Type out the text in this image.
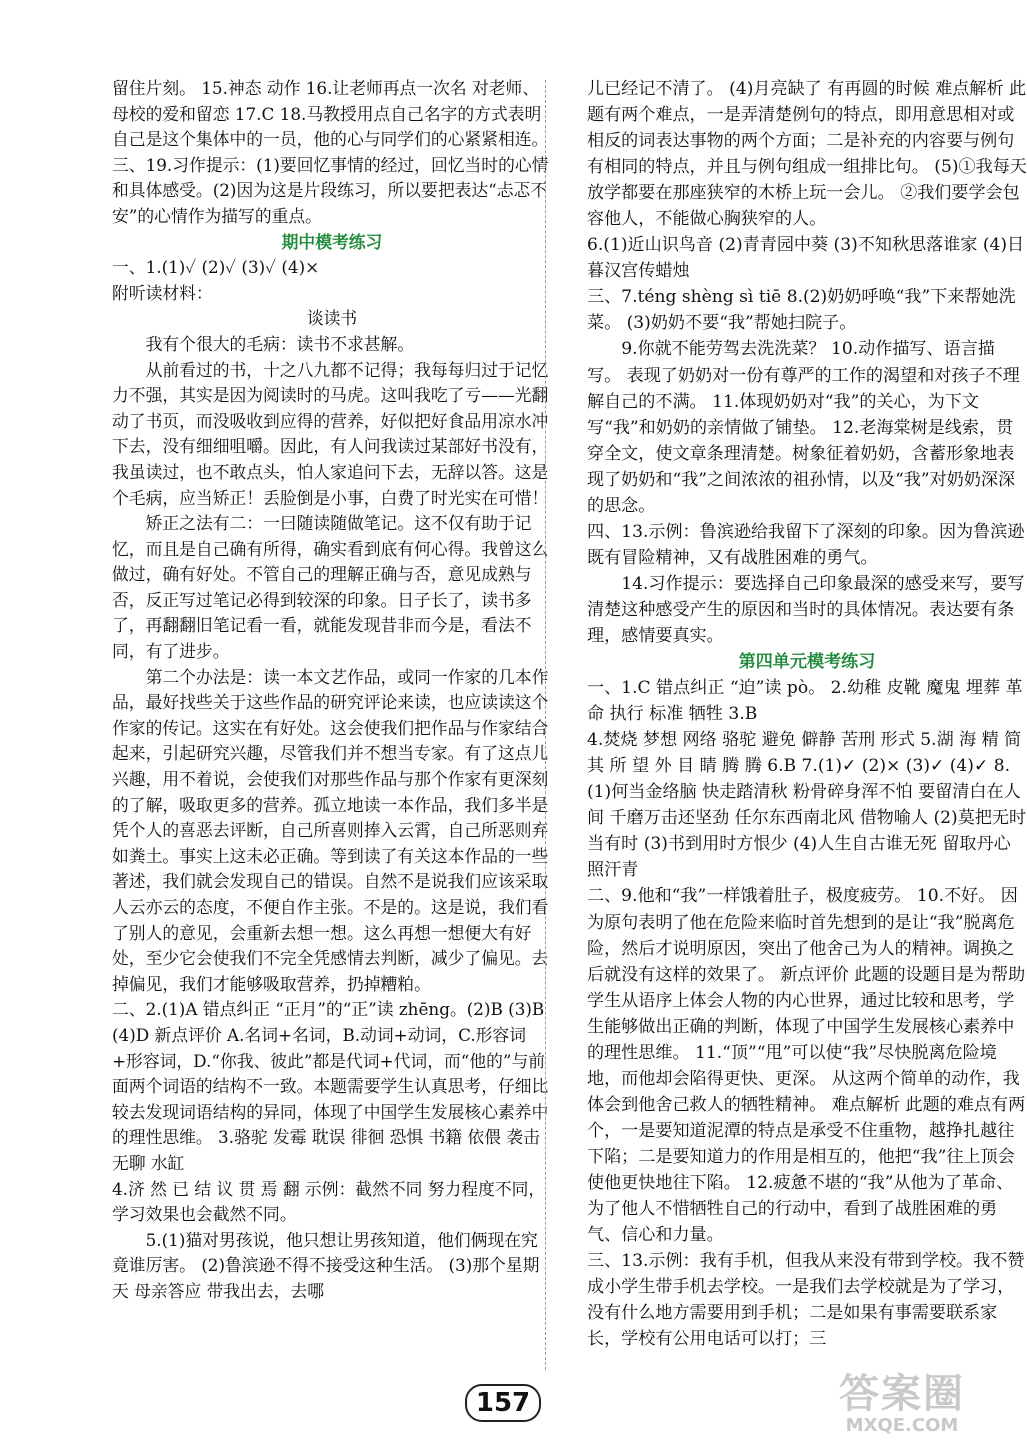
留住片刻。 15.神态 动作 16.让老师再点一次名 对老师、母校的爱和留恋 17.C 18.马教授用点自己名字的方式表明自己是这个集体中的一员，他的心与同学们的心紧紧相连。

三、19.习作提示：(1)要回忆事情的经过，回忆当时的心情和具体感受。(2)因为这是片段练习，所以要把表达“忐忑不安”的心情作为描写的重点。

期中模考练习

一、1.(1)✓ (2)✓ (3)✓ (4)×

附听读材料：

谈读书

我有个很大的毛病：读书不求甚解。

从前看过的书，十之八九都不记得；我每每归过于记忆力不强，其实是因为阅读时的马虎。这叫我吃了亏——光翻动了书页，而没吸收到应得的营养，好似把好食品用凉水冲下去，没有细细咀嚼。因此，有人问我读过某部好书没有，我虽读过，也不敢点头，怕人家追问下去，无辞以答。这是个毛病，应当矫正！丢脸倒是小事，白费了时光实在可惜！

矫正之法有二：一曰随读随做笔记。这不仅有助于记忆，而且是自己确有所得，确实看到底有何心得。我曾这么做过，确有好处。不管自己的理解正确与否，意见成熟与否，反正写过笔记必得到较深的印象。日子长了，读书多了，再翻翻旧笔记看一看，就能发现昔非而今是，看法不同，有了进步。

第二个办法是：读一本文艺作品，或同一作家的几本作品，最好找些关于这些作品的研究评论来读，也应读读这个作家的传记。这实在有好处。这会使我们把作品与作家结合起来，引起研究兴趣，尽管我们并不想当专家。有了这点儿兴趣，用不着说，会使我们对那些作品与那个作家有更深刻的了解，吸取更多的营养。孤立地读一本作品，我们多半是凭个人的喜恶去评断，自己所喜则捧入云霄，自己所恶则弃如粪土。事实上这未必正确。等到读了有关这本作品的一些著述，我们就会发现自己的错误。自然不是说我们应该采取人云亦云的态度，不便自作主张。不是的。这是说，我们看了别人的意见，会重新去想一想。这么再想一想便大有好处，至少它会使我们不完全凭感情去判断，减少了偏见。去掉偏见，我们才能够吸取营养，扔掉糟粕。

二、2.(1)A 错点纠正 “正月”的“正”读 zhēng。(2)B (3)B (4)D 新点评价 A.名词+名词，B.动词+动词，C.形容词+形容词，D.“你我、彼此”都是代词+代词，而“他的”与前面两个词语的结构不一致。本题需要学生认真思考，仔细比较去发现词语结构的异同，体现了中国学生发展核心素养中的理性思维。 3.骆驼 发霉 耽误 徘徊 恐惧 书籍 依偎 袭击 无聊 水缸

4.济 然 已 结 议 贯 焉 翻 示例：截然不同 努力程度不同，学习效果也会截然不同。

5.(1)猫对男孩说，他只想让男孩知道，他们俩现在究竟谁厉害。 (2)鲁滨逊不得不接受这种生活。 (3)那个星期天 母亲答应 带我出去，去哪

儿已经记不清了。 (4)月亮缺了 有再圆的时候 难点解析 此题有两个难点，一是弄清楚例句的特点，即用意思相对或相反的词表达事物的两个方面；二是补充的内容要与例句有相同的特点，并且与例句组成一组排比句。 (5)①我每天放学都要在那座狭窄的木桥上玩一会儿。 ②我们要学会包容他人，不能做心胸狭窄的人。

6.(1)近山识鸟音 (2)青青园中葵 (3)不知秋思落谁家 (4)日暮汉宫传蜡烛

三、7.téng shèng sì tiē 8.(2)奶奶呼唤“我”下来帮她洗菜。 (3)奶奶不要“我”帮她扫院子。

9.你就不能劳驾去洗洗菜？ 10.动作描写、语言描写。 表现了奶奶对一份有尊严的工作的渴望和对孩子不理解自己的不满。 11.体现奶奶对“我”的关心，为下文写“我”和奶奶的亲情做了铺垫。 12.老海棠树是线索，贯穿全文，使文章条理清楚。树象征着奶奶，含蓄形象地表现了奶奶和“我”之间浓浓的祖孙情，以及“我”对奶奶深深的思念。

四、13.示例：鲁滨逊给我留下了深刻的印象。因为鲁滨逊既有冒险精神，又有战胜困难的勇气。

14.习作提示：要选择自己印象最深的感受来写，要写清楚这种感受产生的原因和当时的具体情况。表达要有条理，感情要真实。

第四单元模考练习

一、1.C 错点纠正 “迫”读 pò。 2.幼稚 皮靴 魔鬼 埋葬 革命 执行 标准 牺牲 3.B

4.焚烧 梦想 网络 骆驼 避免 僻静 苦刑 形式 5.湖 海 精 简 其 所 望 外 目 睛 腾 腾 6.B 7.(1)✓ (2)× (3)✓ (4)✓ 8.(1)何当金络脑 快走踏清秋 粉骨碎身浑不怕 要留清白在人间 千磨万击还坚劲 任尔东西南北风 借物喻人 (2)莫把无时当有时 (3)书到用时方恨少 (4)人生自古谁无死 留取丹心照汗青

二、9.他和“我”一样饿着肚子，极度疲劳。 10.不好。 因为原句表明了他在危险来临时首先想到的是让“我”脱离危险，然后才说明原因，突出了他舍己为人的精神。调换之后就没有这样的效果了。 新点评价 此题的设题目是为帮助学生从语序上体会人物的内心世界，通过比较和思考，学生能够做出正确的判断，体现了中国学生发展核心素养中的理性思维。 11.“顶”“甩”可以使“我”尽快脱离危险境地，而他却会陷得更快、更深。 从这两个简单的动作，我体会到他舍己救人的牺牲精神。 难点解析 此题的难点有两个，一是要知道泥潭的特点是承受不住重物，越挣扎越往下陷；二是要知道力的作用是相互的，他把“我”往上顶会使他更快地往下陷。 12.疲惫不堪的“我”从他为了革命、为了他人不惜牺牲自己的行动中，看到了战胜困难的勇气、信心和力量。

三、13.示例：我有手机，但我从来没有带到学校。我不赞成小学生带手机去学校。一是我们去学校就是为了学习，没有什么地方需要用到手机；二是如果有事需要联系家长，学校有公用电话可以打；三

157	答案圈
MXQE.COM
